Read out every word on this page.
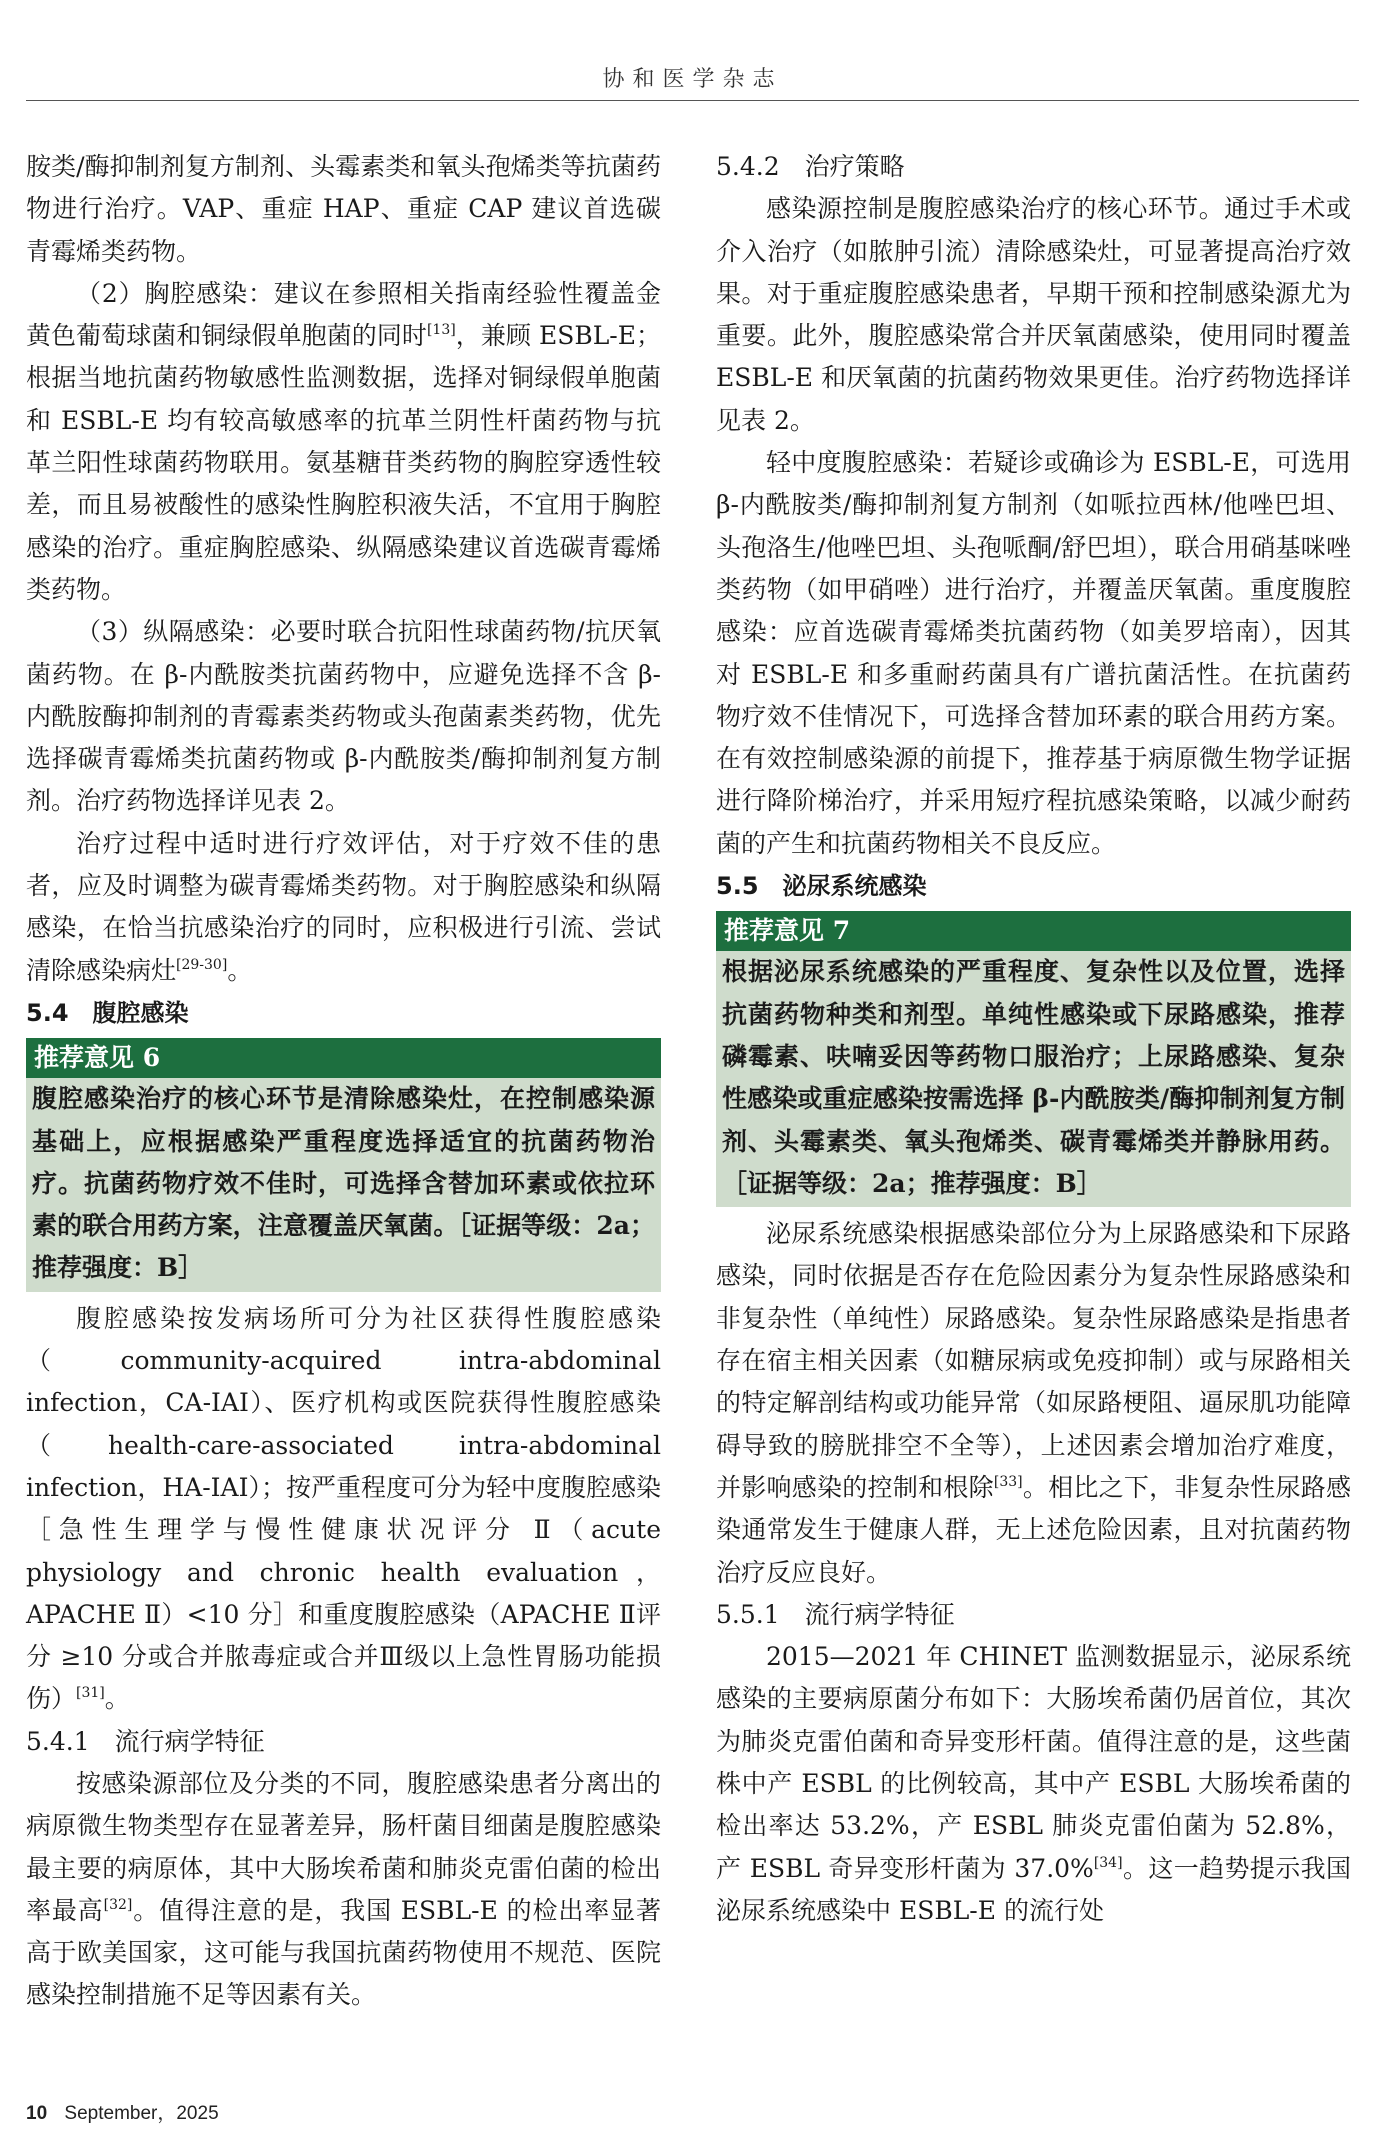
协和医学杂志

胺类/酶抑制剂复方制剂、头霉素类和氧头孢烯类等抗菌药物进行治疗。VAP、重症 HAP、重症 CAP 建议首选碳青霉烯类药物。

（2）胸腔感染：建议在参照相关指南经验性覆盖金黄色葡萄球菌和铜绿假单胞菌的同时[13]，兼顾 ESBL-E；根据当地抗菌药物敏感性监测数据，选择对铜绿假单胞菌和 ESBL-E 均有较高敏感率的抗革兰阴性杆菌药物与抗革兰阳性球菌药物联用。氨基糖苷类药物的胸腔穿透性较差，而且易被酸性的感染性胸腔积液失活，不宜用于胸腔感染的治疗。重症胸腔感染、纵隔感染建议首选碳青霉烯类药物。

（3）纵隔感染：必要时联合抗阳性球菌药物/抗厌氧菌药物。在 β-内酰胺类抗菌药物中，应避免选择不含 β-内酰胺酶抑制剂的青霉素类药物或头孢菌素类药物，优先选择碳青霉烯类抗菌药物或 β-内酰胺类/酶抑制剂复方制剂。治疗药物选择详见表 2。

治疗过程中适时进行疗效评估，对于疗效不佳的患者，应及时调整为碳青霉烯类药物。对于胸腔感染和纵隔感染，在恰当抗感染治疗的同时，应积极进行引流、尝试清除感染病灶[29-30]。

5.4　腹腔感染
推荐意见 6
腹腔感染治疗的核心环节是清除感染灶，在控制感染源基础上，应根据感染严重程度选择适宜的抗菌药物治疗。抗菌药物疗效不佳时，可选择含替加环素或依拉环素的联合用药方案，注意覆盖厌氧菌。［证据等级：2a；推荐强度：B］

腹腔感染按发病场所可分为社区获得性腹腔感染（community-acquired intra-abdominal infection，CA-IAI）、医疗机构或医院获得性腹腔感染（health-care-associated intra-abdominal infection，HA-IAI）；按严重程度可分为轻中度腹腔感染［急性生理学与慢性健康状况评分 Ⅱ（acute physiology and chronic health evaluation，APACHE Ⅱ）<10 分］和重度腹腔感染（APACHE Ⅱ评分 ≥10 分或合并脓毒症或合并Ⅲ级以上急性胃肠功能损伤）[31]。

5.4.1　流行病学特征

按感染源部位及分类的不同，腹腔感染患者分离出的病原微生物类型存在显著差异，肠杆菌目细菌是腹腔感染最主要的病原体，其中大肠埃希菌和肺炎克雷伯菌的检出率最高[32]。值得注意的是，我国 ESBL-E 的检出率显著高于欧美国家，这可能与我国抗菌药物使用不规范、医院感染控制措施不足等因素有关。

5.4.2　治疗策略

感染源控制是腹腔感染治疗的核心环节。通过手术或介入治疗（如脓肿引流）清除感染灶，可显著提高治疗效果。对于重症腹腔感染患者，早期干预和控制感染源尤为重要。此外，腹腔感染常合并厌氧菌感染，使用同时覆盖 ESBL-E 和厌氧菌的抗菌药物效果更佳。治疗药物选择详见表 2。

轻中度腹腔感染：若疑诊或确诊为 ESBL-E，可选用 β-内酰胺类/酶抑制剂复方制剂（如哌拉西林/他唑巴坦、头孢洛生/他唑巴坦、头孢哌酮/舒巴坦），联合用硝基咪唑类药物（如甲硝唑）进行治疗，并覆盖厌氧菌。重度腹腔感染：应首选碳青霉烯类抗菌药物（如美罗培南），因其对 ESBL-E 和多重耐药菌具有广谱抗菌活性。在抗菌药物疗效不佳情况下，可选择含替加环素的联合用药方案。在有效控制感染源的前提下，推荐基于病原微生物学证据进行降阶梯治疗，并采用短疗程抗感染策略，以减少耐药菌的产生和抗菌药物相关不良反应。

5.5　泌尿系统感染
推荐意见 7
根据泌尿系统感染的严重程度、复杂性以及位置，选择抗菌药物种类和剂型。单纯性感染或下尿路感染，推荐磷霉素、呋喃妥因等药物口服治疗；上尿路感染、复杂性感染或重症感染按需选择 β-内酰胺类/酶抑制剂复方制剂、头霉素类、氧头孢烯类、碳青霉烯类并静脉用药。［证据等级：2a；推荐强度：B］

泌尿系统感染根据感染部位分为上尿路感染和下尿路感染，同时依据是否存在危险因素分为复杂性尿路感染和非复杂性（单纯性）尿路感染。复杂性尿路感染是指患者存在宿主相关因素（如糖尿病或免疫抑制）或与尿路相关的特定解剖结构或功能异常（如尿路梗阻、逼尿肌功能障碍导致的膀胱排空不全等），上述因素会增加治疗难度，并影响感染的控制和根除[33]。相比之下，非复杂性尿路感染通常发生于健康人群，无上述危险因素，且对抗菌药物治疗反应良好。

5.5.1　流行病学特征

2015—2021 年 CHINET 监测数据显示，泌尿系统感染的主要病原菌分布如下：大肠埃希菌仍居首位，其次为肺炎克雷伯菌和奇异变形杆菌。值得注意的是，这些菌株中产 ESBL 的比例较高，其中产 ESBL 大肠埃希菌的检出率达 53.2%，产 ESBL 肺炎克雷伯菌为 52.8%，产 ESBL 奇异变形杆菌为 37.0%[34]。这一趋势提示我国泌尿系统感染中 ESBL-E 的流行处

10 September，2025
